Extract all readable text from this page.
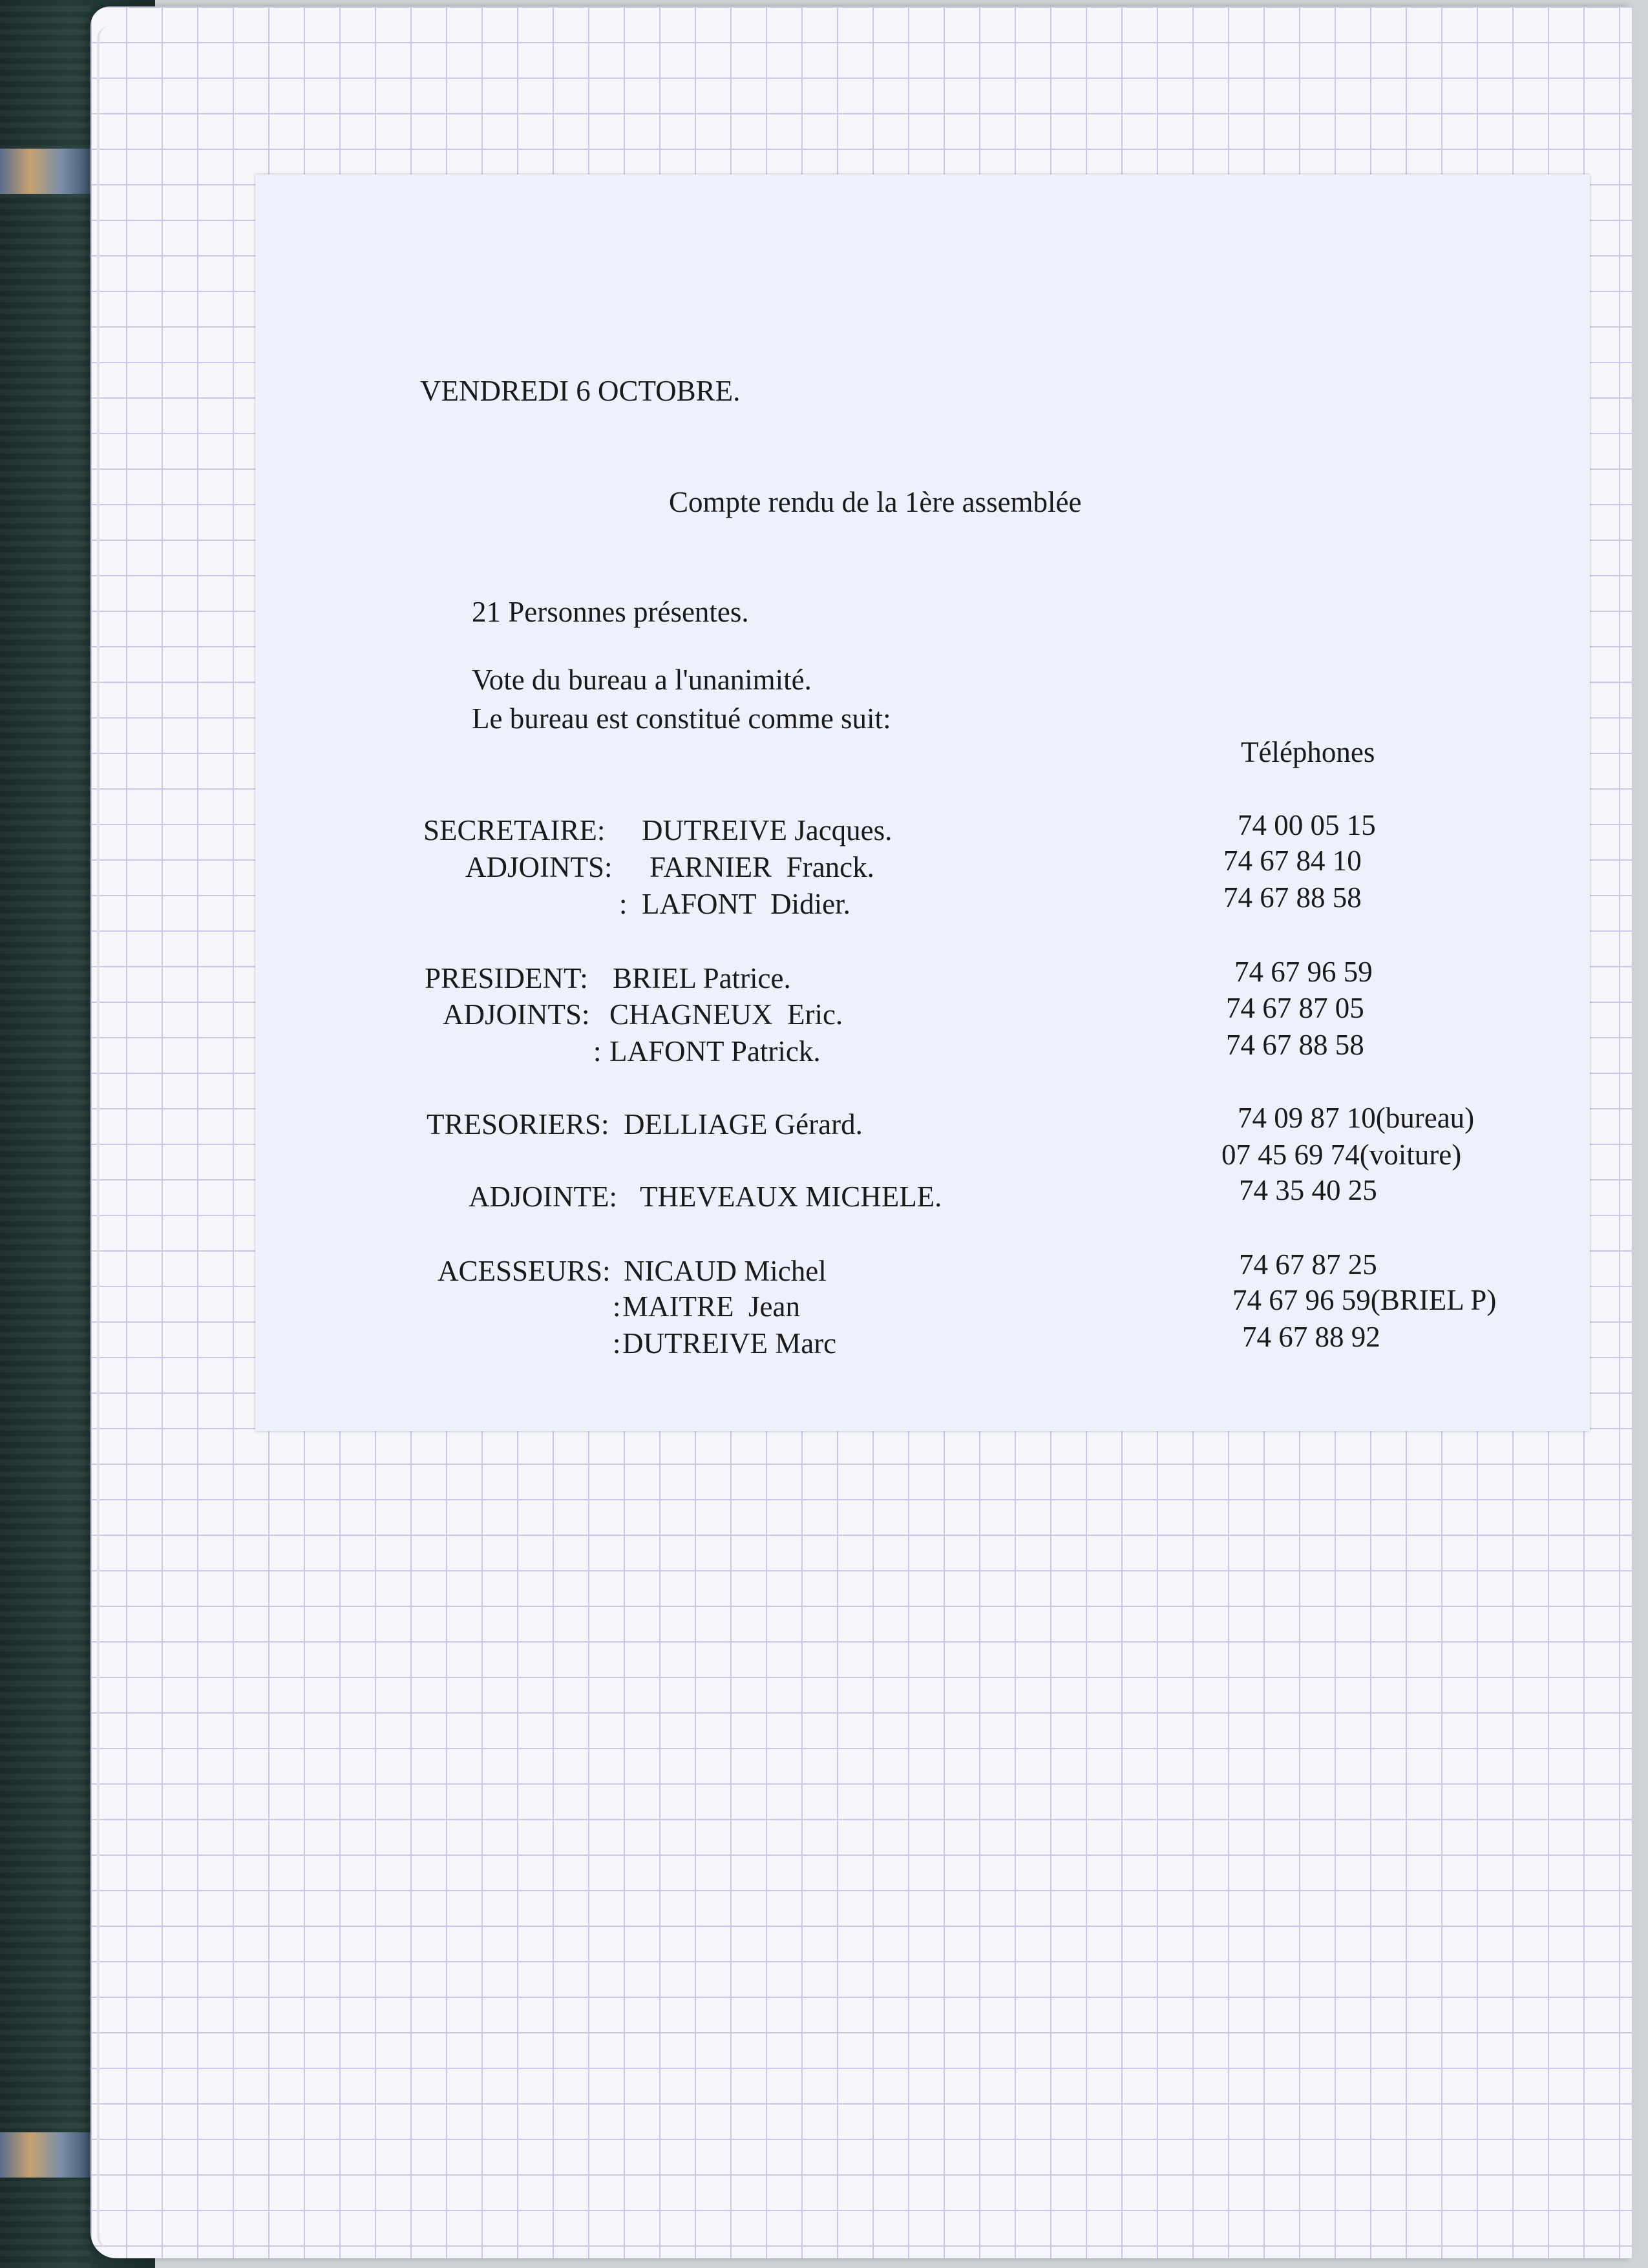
VENDREDI 6 OCTOBRE.
Compte rendu de la 1ère assemblée
21 Personnes présentes.
Vote du bureau a l'unanimité.
Le bureau est constitué comme suit:
Téléphones
SECRETAIRE: DUTREIVE Jacques.	74 00 05 15
ADJOINTS: FARNIER  Franck.	74 67 84 10
: LAFONT  Didier.	74 67 88 58
PRESIDENT: BRIEL Patrice.	74 67 96 59
ADJOINTS: CHAGNEUX  Eric.	74 67 87 05
: LAFONT Patrick.	74 67 88 58
TRESORIERS: DELLIAGE Gérard.	74 09 87 10(bureau)
07 45 69 74(voiture)
ADJOINTE: THEVEAUX MICHELE.	74 35 40 25
ACESSEURS: NICAUD Michel	74 67 87 25
: MAITRE  Jean	74 67 96 59(BRIEL P)
: DUTREIVE Marc	74 67 88 92
